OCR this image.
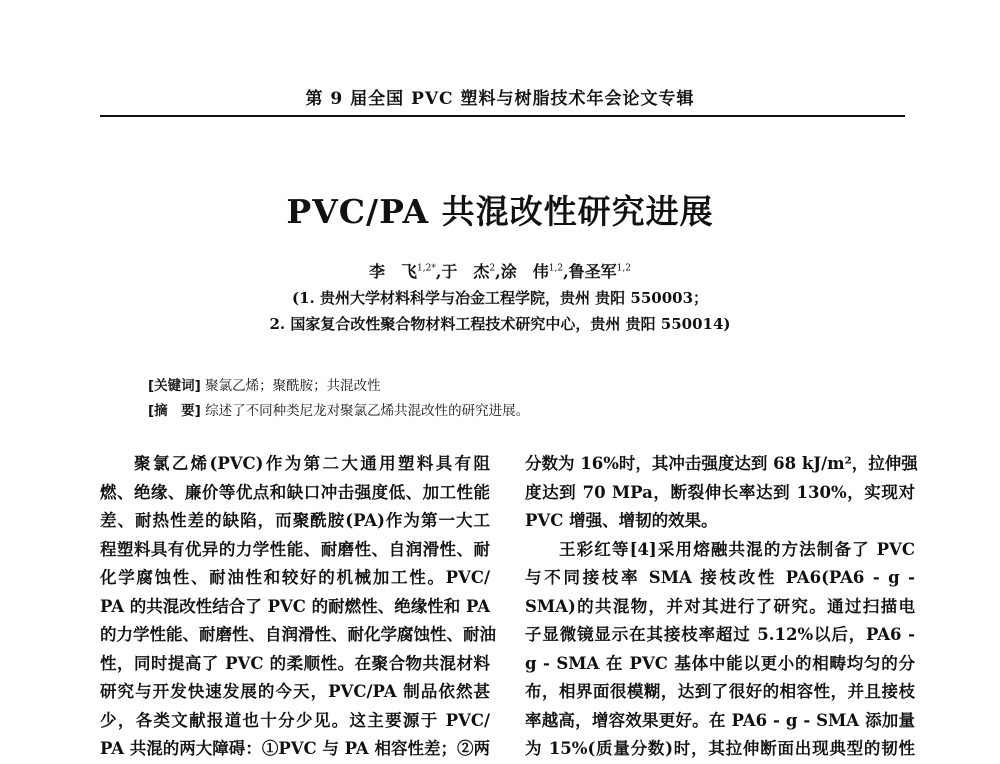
第 9 届全国 PVC 塑料与树脂技术年会论文专辑
PVC/PA 共混改性研究进展
李　飞$^{1,2*}$,于　杰$^2$,涂　伟$^{1,2}$,鲁圣军$^{1,2}$
(1. 贵州大学材料科学与冶金工程学院，贵州 贵阳 550003；
2. 国家复合改性聚合物材料工程技术研究中心，贵州 贵阳 550014)
[关键词] 聚氯乙烯；聚酰胺；共混改性
[摘　要] 综述了不同种类尼龙对聚氯乙烯共混改性的研究进展。
聚氯乙烯(PVC)作为第二大通用塑料具有阻
燃、绝缘、廉价等优点和缺口冲击强度低、加工性能
差、耐热性差的缺陷，而聚酰胺(PA)作为第一大工
程塑料具有优异的力学性能、耐磨性、自润滑性、耐
化学腐蚀性、耐油性和较好的机械加工性。PVC/
PA 的共混改性结合了 PVC 的耐燃性、绝缘性和 PA
的力学性能、耐磨性、自润滑性、耐化学腐蚀性、耐油
性，同时提高了 PVC 的柔顺性。在聚合物共混材料
研究与开发快速发展的今天，PVC/PA 制品依然甚
少，各类文献报道也十分少见。这主要源于 PVC/
PA 共混的两大障碍：①PVC 与 PA 相容性差；②两
分数为 16%时，其冲击强度达到 68 kJ/m²，拉伸强
度达到 70 MPa，断裂伸长率达到 130%，实现对
PVC 增强、增韧的效果。
王彩红等[4]采用熔融共混的方法制备了 PVC
与不同接枝率 SMA 接枝改性 PA6(PA6 - g -
SMA)的共混物，并对其进行了研究。通过扫描电
子显微镜显示在其接枝率超过 5.12%以后，PA6 -
g - SMA 在 PVC 基体中能以更小的相畴均匀的分
布，相界面很模糊，达到了很好的相容性，并且接枝
率越高，增容效果更好。在 PA6 - g - SMA 添加量
为 15%(质量分数)时，其拉伸断面出现典型的韧性
